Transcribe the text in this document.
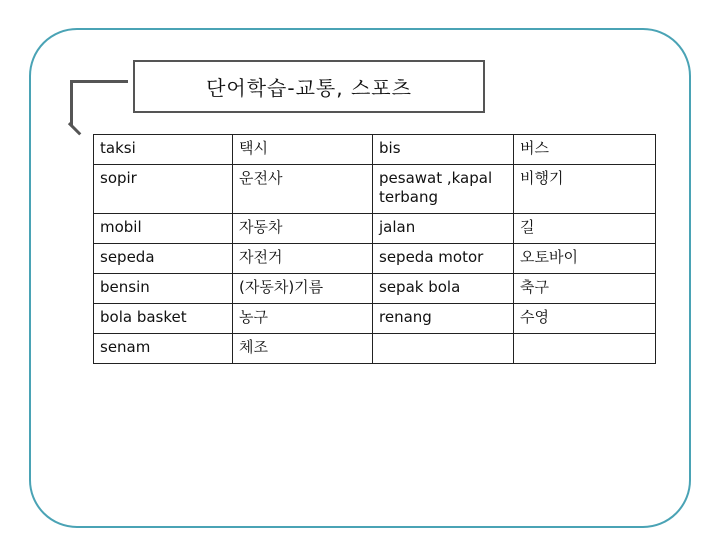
단어학습-교통, 스포츠
taksi	택시	bis	버스
sopir	운전사	pesawat ,kapal terbang	비행기
mobil	자동차	jalan	길
sepeda	자전거	sepeda motor	오토바이
bensin	(자동차)기름	sepak bola	축구
bola basket	농구	renang	수영
senam	체조		
